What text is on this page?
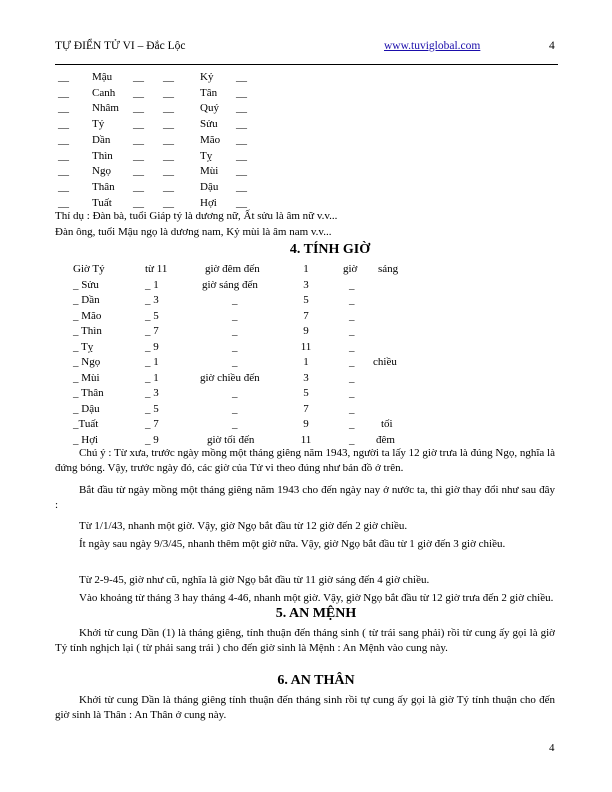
TỰ ĐIỂN TỬ VI – Đắc Lộc	www.tuviglobal.com	4
__ Mậu __ __ Kỷ __
__ Canh __ __ Tân __
__ Nhâm __ __ Quý __
__ Tý	__ __ Sửu __
__ Dần __ __ Mão __
__ Thìn __ __ Tỵ __
__ Ngọ __ __ Mùi __
__ Thân __ __ Dậu __
__ Tuất __ __ Hợi __
Thí dụ : Đàn bà, tuổi Giáp tý là dương nữ, Ất sửu là âm nữ v.v...
Đàn ông, tuổi Mậu ngọ là dương nam, Kỷ mùi là âm nam v.v...
4. TÍNH GIỜ
Giờ Tý	từ 11	giờ đêm đến	1	giờ sáng
_ Sửu	_ 1	giờ sáng đến	3	_
_ Dần	_ 3	_	5	_
_ Mão	_ 5	_	7	_
_ Thìn	_ 7	_	9	_
_ Tỵ	_ 9	_	11	_
_ Ngọ	_ 1	_	1	_ chiều
_ Mùi	_ 1	giờ chiều đến	3	_
_ Thân	_ 3	_	5	_
_ Dậu	_ 5	_	7	_
_Tuất	_ 7	_	9	_ tối
_ Hợi	_ 9	giờ tối đến	11	_ đêm
Chú ý : Từ xưa, trước ngày mồng một tháng giêng năm 1943, người ta lấy 12 giờ trưa là đúng Ngọ, nghĩa là đứng bóng. Vậy, trước ngày đó, các giờ của Tử vi theo đúng như bản đồ ở trên.
Bắt đầu từ ngày mồng một tháng giêng năm 1943 cho đến ngày nay ở nước ta, thì giờ thay đổi như sau đây :
Từ 1/1/43, nhanh một giờ. Vậy, giờ Ngọ bắt đầu từ 12 giờ đến 2 giờ chiều.
Ít ngày sau ngày 9/3/45, nhanh thêm một giờ nữa. Vậy, giờ Ngọ bắt đầu từ 1 giờ đến 3 giờ chiều.
Từ 2-9-45, giờ như cũ, nghĩa là giờ Ngọ bắt đầu từ 11 giờ sáng đến 4 giờ chiều.
Vào khoảng từ tháng 3 hay tháng 4-46, nhanh một giờ. Vậy, giờ Ngọ bắt đầu từ 12 giờ trưa đến 2 giờ chiều.
5. AN MỆNH
Khởi từ cung Dần (1) là tháng giêng, tính thuận đến tháng sinh ( từ trái sang phải) rồi từ cung ấy gọi là giờ Tý tính nghịch lại ( từ phải sang trái ) cho đến giờ sinh là Mệnh : An Mệnh vào cung này.
6. AN THÂN
Khởi từ cung Dần là tháng giêng tính thuận đến tháng sinh rồi tự cung ấy gọi là giờ Tý tính thuận cho đến giờ sinh là Thân : An Thân ở cung này.
4
